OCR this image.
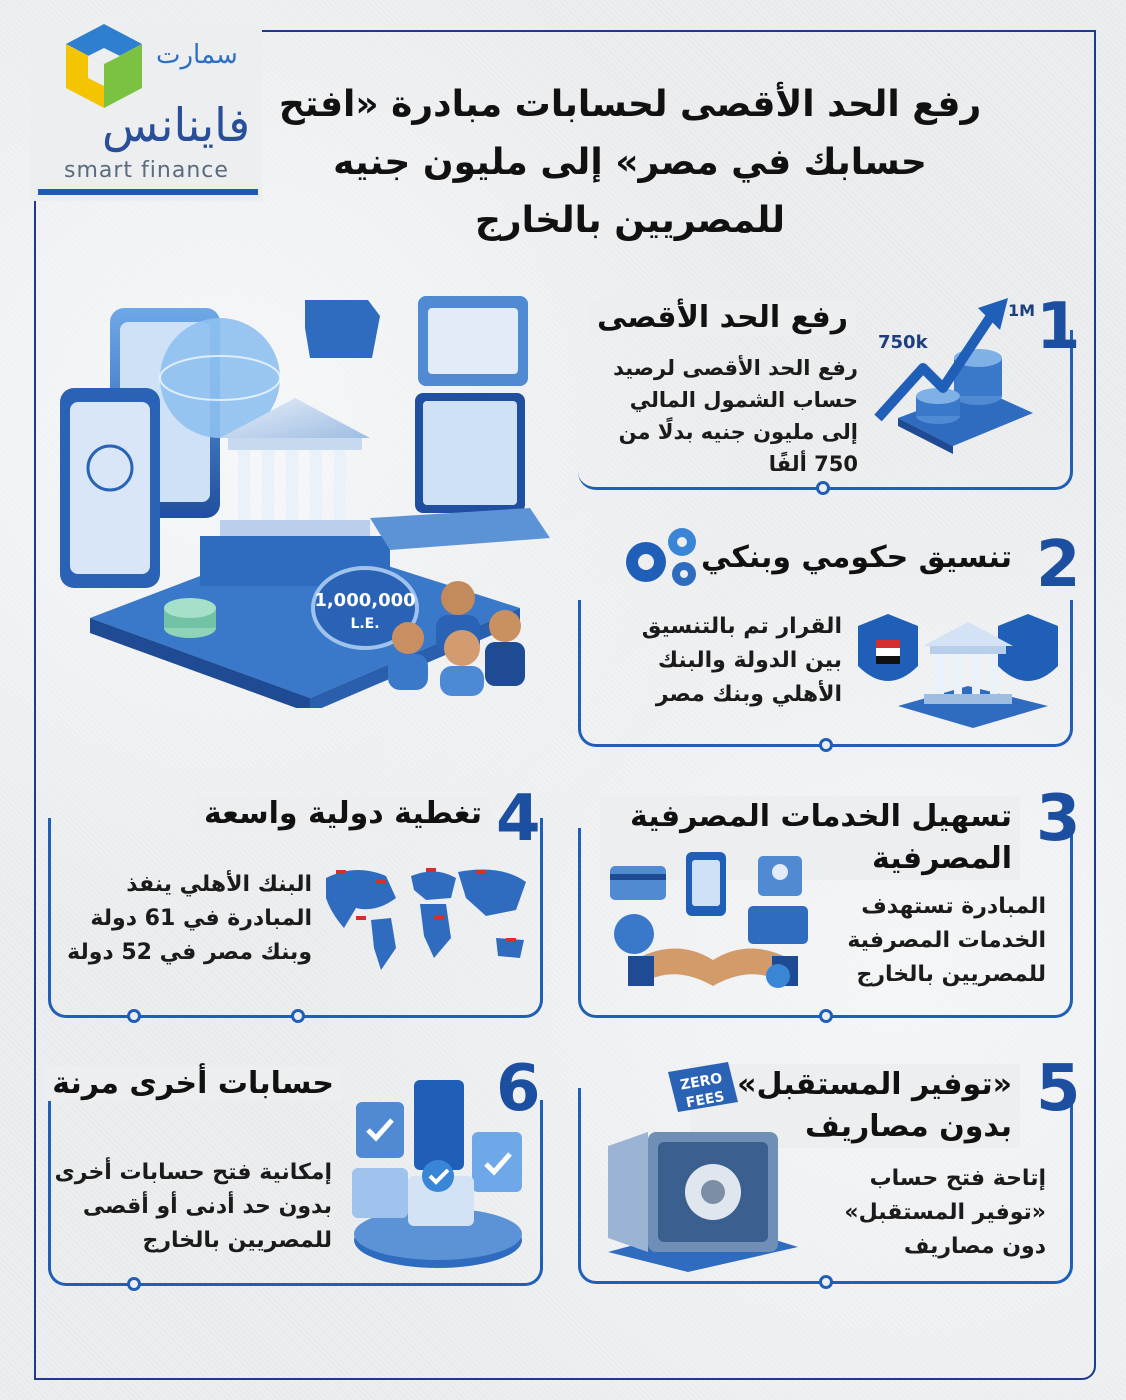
سمارت
فاينانس
smart finance
رفع الحد الأقصى لحسابات مبادرة «افتح حسابك في مصر» إلى مليون جنيه للمصريين بالخارج
1,000,000
L.E.
1
رفع الحد الأقصى
رفع الحد الأقصى لرصيد حساب الشمول المالي إلى مليون جنيه بدلًا من 750 ألفًا
1M
750k
2
تنسيق حكومي وبنكي
القرار تم بالتنسيق بين الدولة والبنك الأهلي وبنك مصر
3
تسهيل الخدمات المصرفية المصرفية
المبادرة تستهدف الخدمات المصرفية للمصريين بالخارج
4
تغطية دولية واسعة
البنك الأهلي ينفذ المبادرة في 61 دولة وبنك مصر في 52 دولة
5
«توفير المستقبل» بدون مصاريف
إتاحة فتح حساب «توفير المستقبل» دون مصاريف
ZERO
FEES
6
حسابات أخرى مرنة
إمكانية فتح حسابات أخرى بدون حد أدنى أو أقصى للمصريين بالخارج
